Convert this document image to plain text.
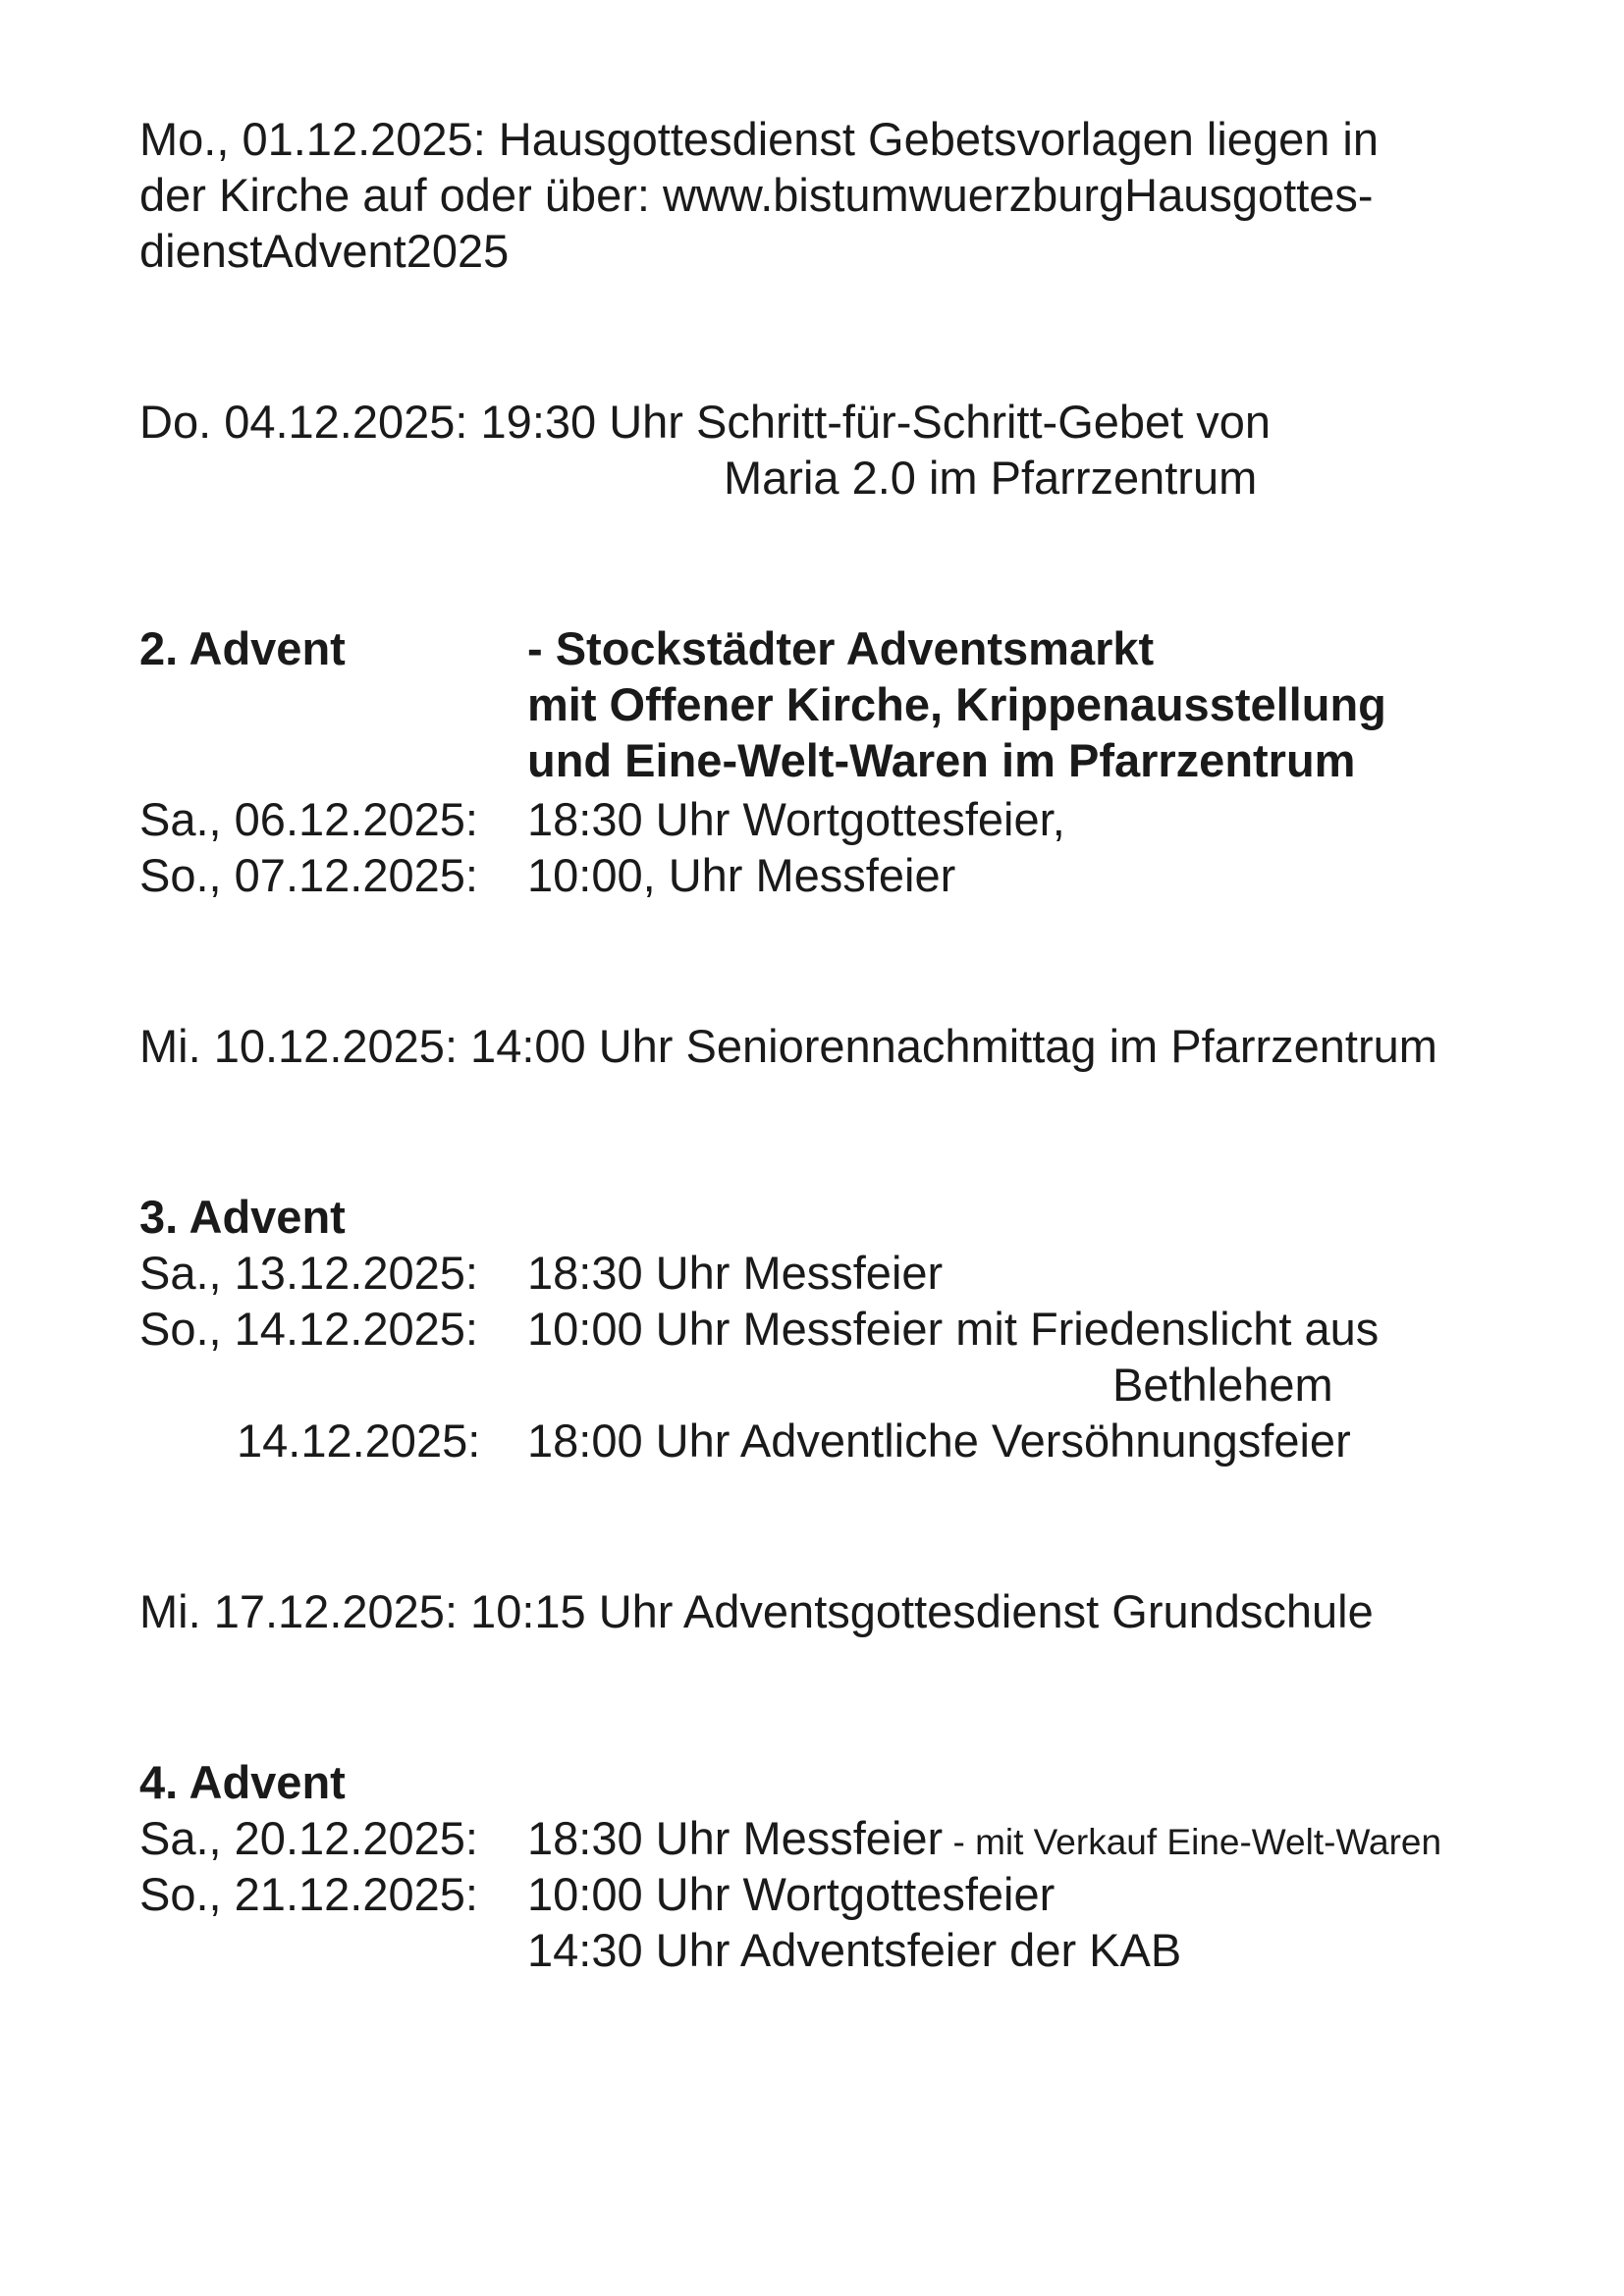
Mo., 01.12.2025: Hausgottesdienst Gebetsvorlagen liegen in
der Kirche auf oder über: www.bistumwuerzburgHausgottes-
dienstAdvent2025
Do. 04.12.2025: 19:30 Uhr Schritt-für-Schritt-Gebet von
Maria 2.0 im Pfarrzentrum
2. Advent	- Stockstädter Adventsmarkt
mit Offener Kirche, Krippenausstellung
und Eine-Welt-Waren im Pfarrzentrum
Sa., 06.12.2025: 18:30 Uhr Wortgottesfeier,
So., 07.12.2025: 10:00, Uhr Messfeier
Mi. 10.12.2025: 14:00 Uhr Seniorennachmittag im Pfarrzentrum
3. Advent
Sa., 13.12.2025: 18:30 Uhr Messfeier
So., 14.12.2025: 10:00 Uhr Messfeier mit Friedenslicht aus
Bethlehem
14.12.2025: 18:00 Uhr Adventliche Versöhnungsfeier
Mi. 17.12.2025: 10:15 Uhr Adventsgottesdienst Grundschule
4. Advent
Sa., 20.12.2025: 18:30 Uhr Messfeier - mit Verkauf Eine-Welt-Waren
So., 21.12.2025: 10:00 Uhr Wortgottesfeier
14:30 Uhr Adventsfeier der KAB
